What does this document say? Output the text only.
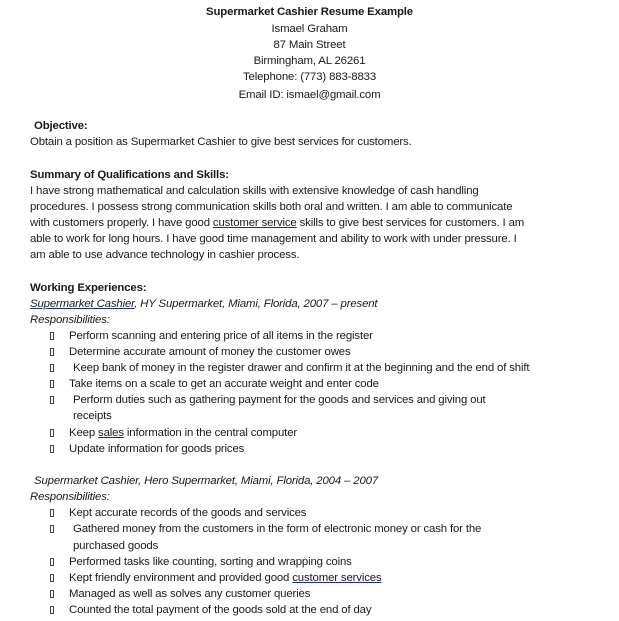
Supermarket Cashier Resume Example
Ismael Graham
87 Main Street
Birmingham, AL 26261
Telephone: (773) 883-8833
Email ID: ismael@gmail.com
Objective:
Obtain a position as Supermarket Cashier to give best services for customers.
Summary of Qualifications and Skills:
I have strong mathematical and calculation skills with extensive knowledge of cash handling
procedures. I possess strong communication skills both oral and written. I am able to communicate
with customers properly. I have good customer service skills to give best services for customers. I am
able to work for long hours. I have good time management and ability to work with under pressure. I
am able to use advance technology in cashier process.
Working Experiences:
Supermarket Cashier, HY Supermarket, Miami, Florida, 2007 – present
Responsibilities:
Perform scanning and entering price of all items in the register
Determine accurate amount of money the customer owes
Keep bank of money in the register drawer and confirm it at the beginning and the end of shift
Take items on a scale to get an accurate weight and enter code
Perform duties such as gathering payment for the goods and services and giving out
receipts
Keep sales information in the central computer
Update information for goods prices
Supermarket Cashier, Hero Supermarket, Miami, Florida, 2004 – 2007
Responsibilities:
Kept accurate records of the goods and services
Gathered money from the customers in the form of electronic money or cash for the
purchased goods
Performed tasks like counting, sorting and wrapping coins
Kept friendly environment and provided good customer services
Managed as well as solves any customer queries
Counted the total payment of the goods sold at the end of day
